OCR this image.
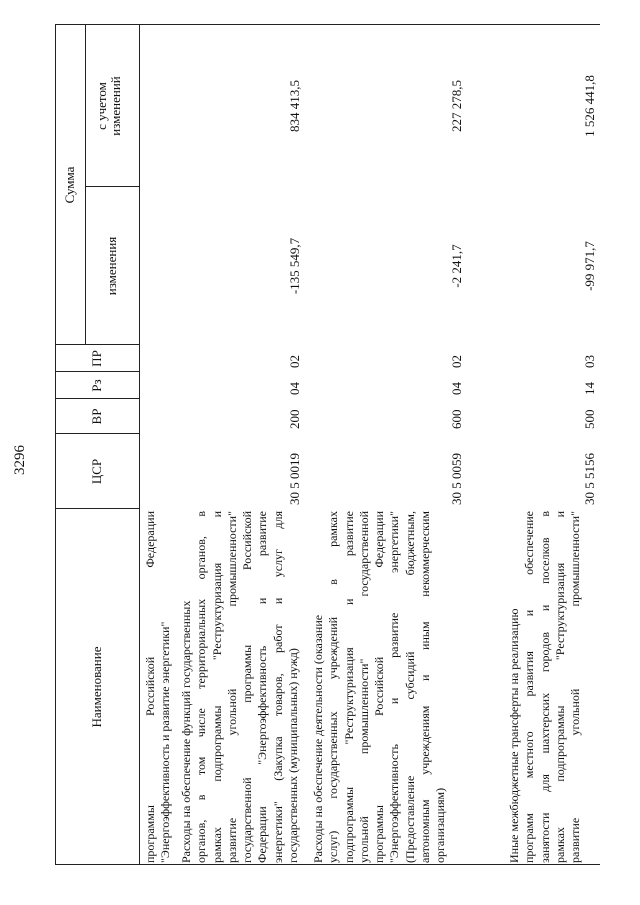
3296
Наименование
ЦСР
ВР
Рз
ПР
Сумма
изменения
с учетом изменений
программы Российской Федерации "Энергоэффективность и развитие энергетики" Расходы на обеспечение функций государственных органов, в том числе территориальных органов, в рамках подпрограммы "Реструктуризация и развитие угольной промышленности" государственной программы Российской Федерации "Энергоэффективность и развитие энергетики" (Закупка товаров, работ и услуг для государственных (муниципальных) нужд)
30 5 0019
200
04
02
-135 549,7
834 413,5
Расходы на обеспечение деятельности (оказание услуг) государственных учреждений в рамках подпрограммы "Реструктуризация и развитие угольной промышленности" государственной программы Российской Федерации "Энергоэффективность и развитие энергетики" (Предоставление субсидий бюджетным, автономным учреждениям и иным некоммерческим организациям)
30 5 0059
600
04
02
-2 241,7
227 278,5
Иные межбюджетные трансферты на реализацию программ местного развития и обеспечение занятости для шахтерских городов и поселков в рамках подпрограммы "Реструктуризация и развитие угольной промышленности"
30 5 5156
500
14
03
-99 971,7
1 526 441,8
